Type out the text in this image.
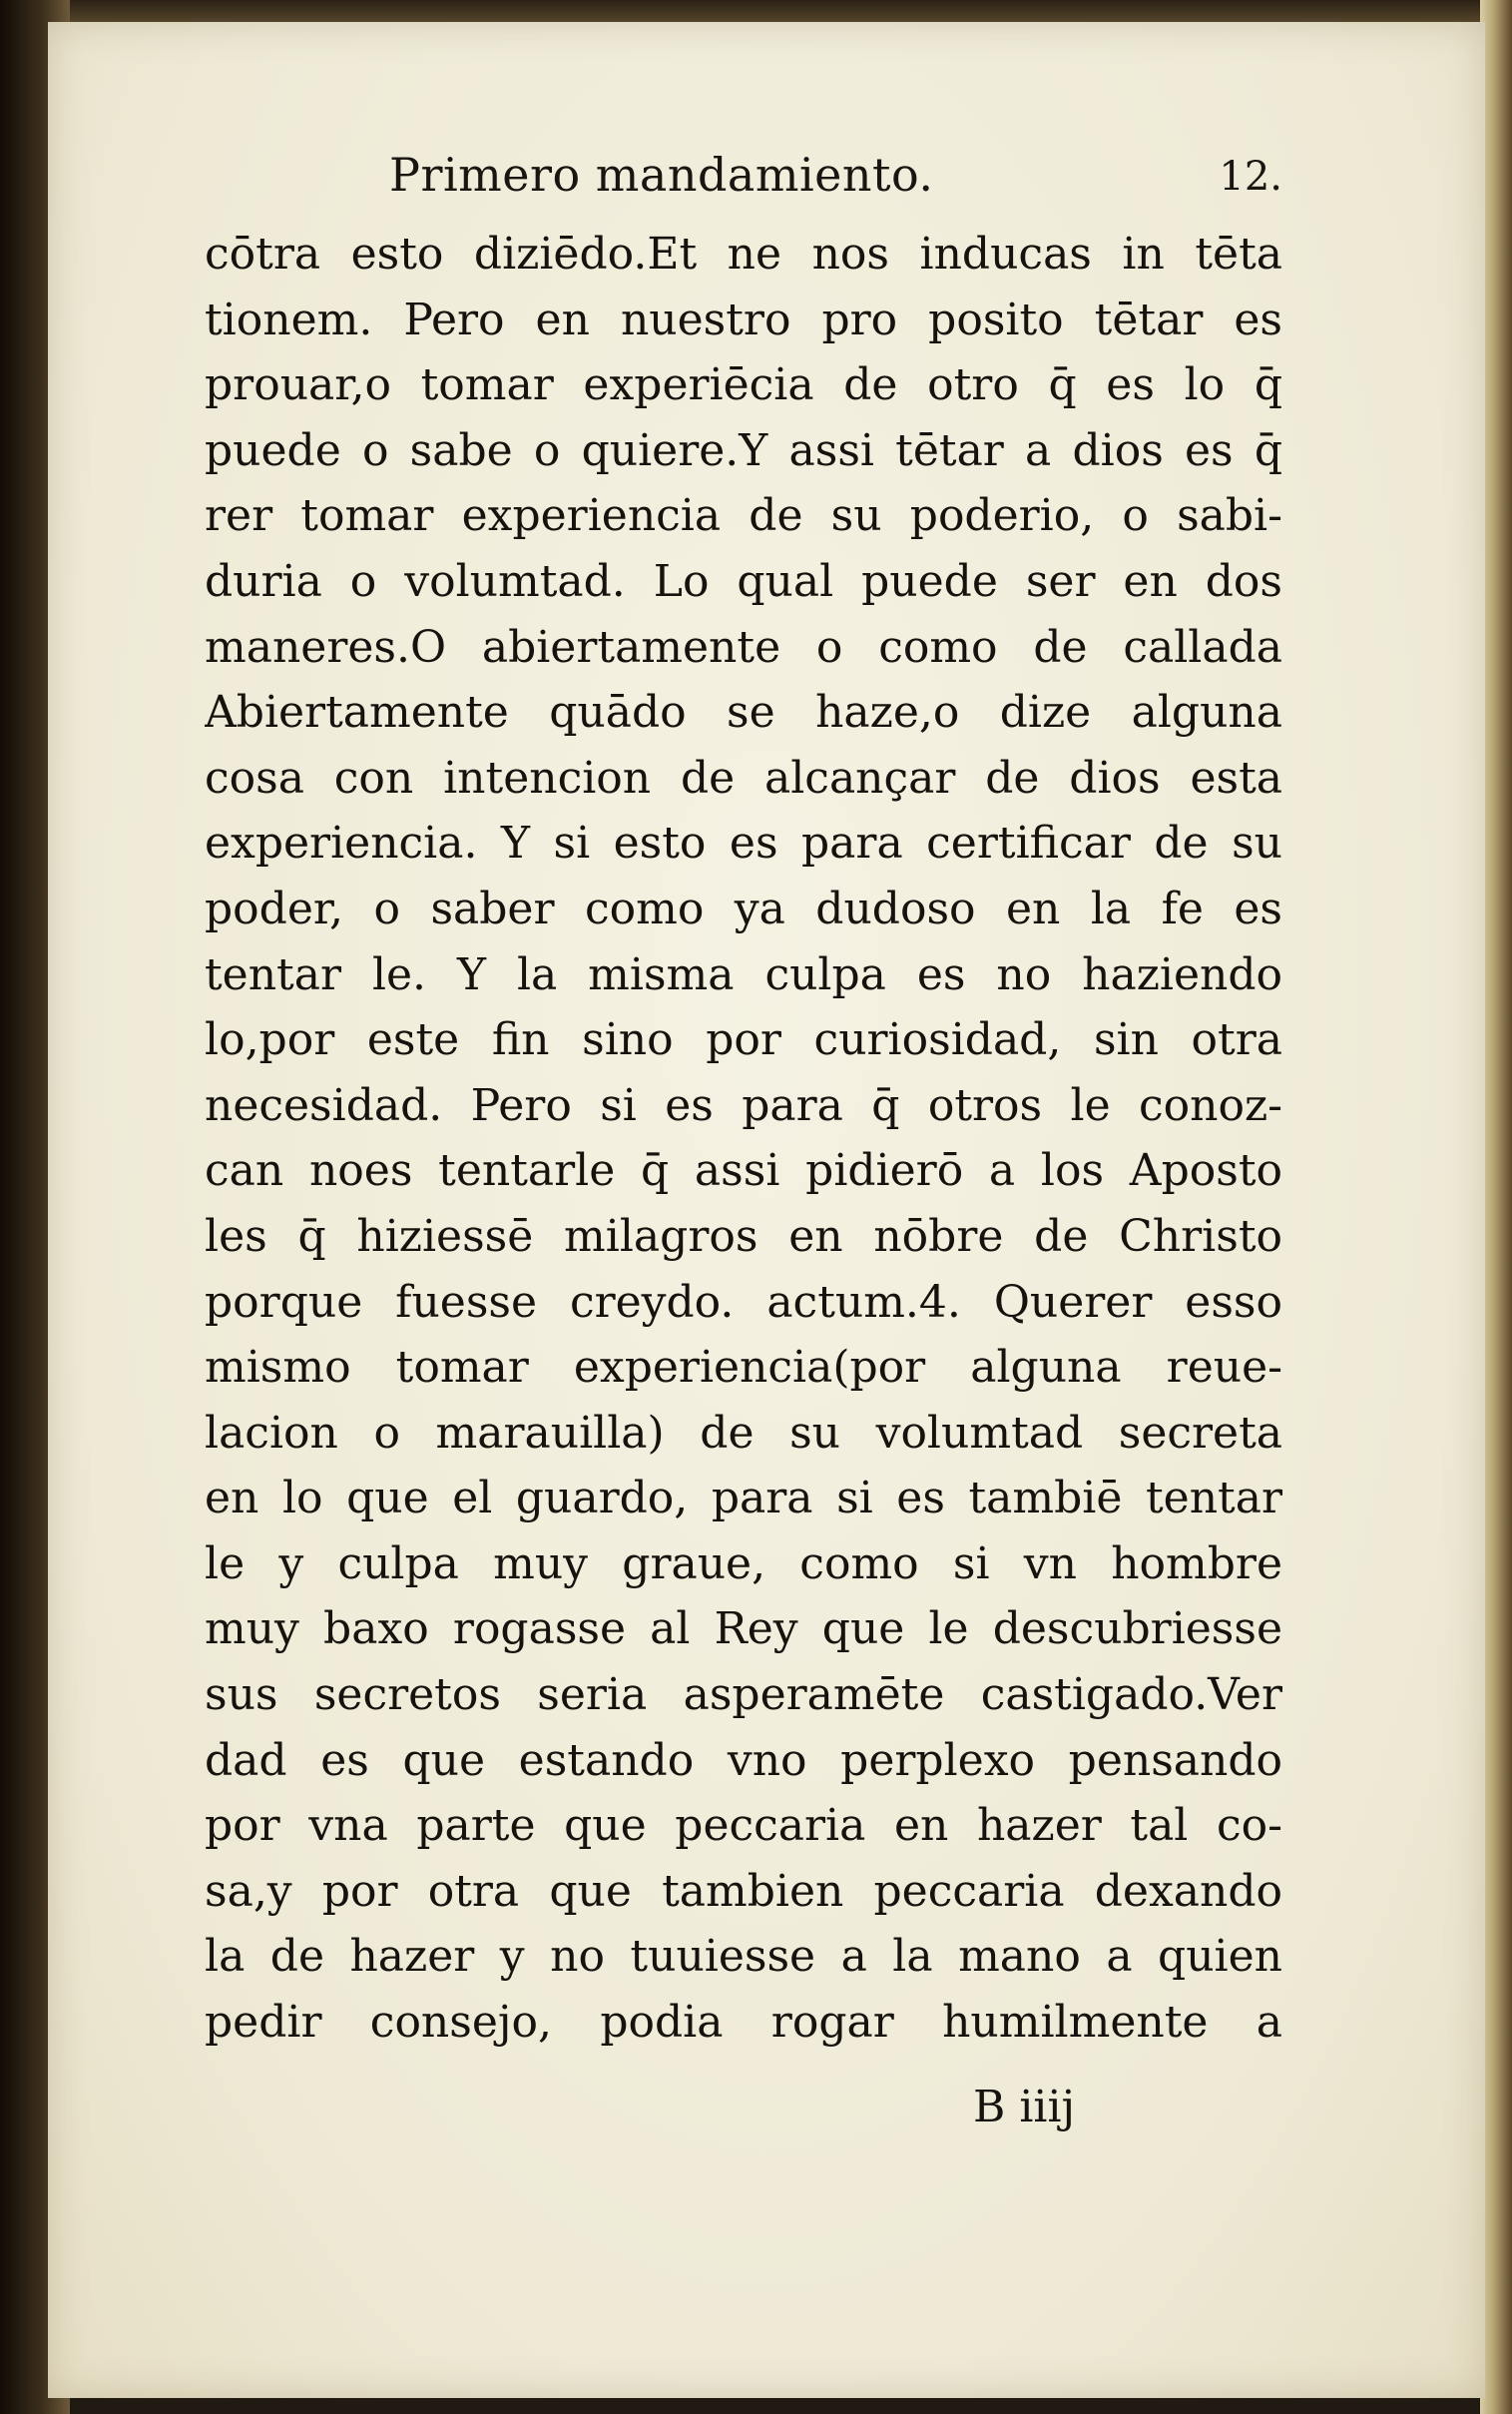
Primero mandamiento.	12.
cōtra esto diziēdo.Et ne nos inducas in tēta
tionem. Pero en nuestro pro posito tētar es
prouar,o tomar experiēcia de otro q̄ es lo q̄
puede o sabe o quiere.Y assi tētar a dios es q̄
rer tomar experiencia de su poderio, o sabi-
duria o volumtad. Lo qual puede ser en dos
maneres.O abiertamente o como de callada
Abiertamente quādo se haze,o dize alguna
cosa con intencion de alcançar de dios esta
experiencia. Y si esto es para certificar de su
poder, o saber como ya dudoso en la fe es
tentar le. Y la misma culpa es no haziendo
lo,por este fin sino por curiosidad, sin otra
necesidad. Pero si es para q̄ otros le conoz-
can noes tentarle q̄ assi pidierō a los Aposto
les q̄ hiziessē milagros en nōbre de Christo
porque fuesse creydo. actum.4. Querer esso
mismo tomar experiencia(por alguna reue-
lacion o marauilla) de su volumtad secreta
en lo que el guardo, para si es tambiē tentar
le y culpa muy graue, como si vn hombre
muy baxo rogasse al Rey que le descubriesse
sus secretos seria asperamēte castigado.Ver
dad es que estando vno perplexo pensando
por vna parte que peccaria en hazer tal co-
sa,y por otra que tambien peccaria dexando
la de hazer y no tuuiesse a la mano a quien
pedir consejo, podia rogar humilmente a
B iiij
